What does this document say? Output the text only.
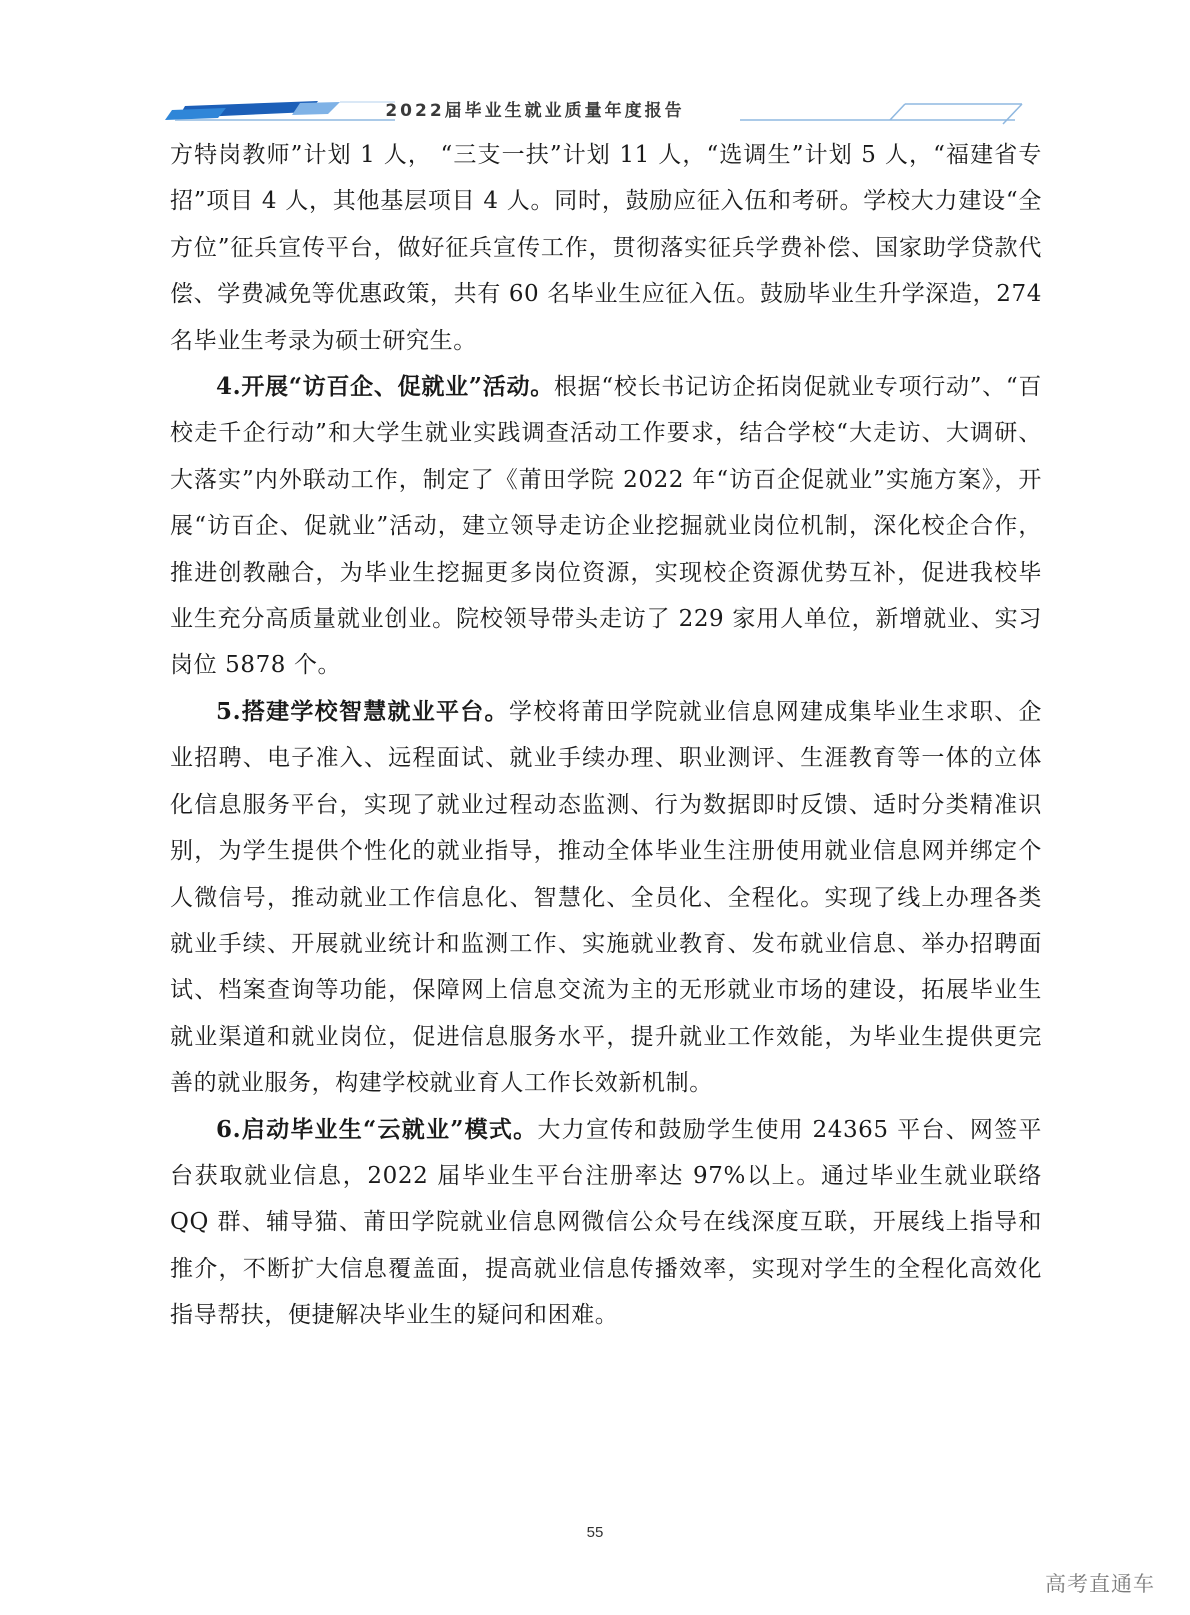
2022届毕业生就业质量年度报告

方特岗教师”计划 1 人， “三支一扶”计划 11 人，“选调生”计划 5 人，“福建省专招”项目 4 人，其他基层项目 4 人。同时，鼓励应征入伍和考研。学校大力建设“全方位”征兵宣传平台，做好征兵宣传工作，贯彻落实征兵学费补偿、国家助学贷款代偿、学费减免等优惠政策，共有 60 名毕业生应征入伍。鼓励毕业生升学深造，274 名毕业生考录为硕士研究生。

4.开展“访百企、促就业”活动。根据“校长书记访企拓岗促就业专项行动”、“百校走千企行动”和大学生就业实践调查活动工作要求，结合学校“大走访、大调研、大落实”内外联动工作，制定了《莆田学院 2022 年“访百企促就业”实施方案》，开展“访百企、促就业”活动，建立领导走访企业挖掘就业岗位机制，深化校企合作，推进创教融合，为毕业生挖掘更多岗位资源，实现校企资源优势互补，促进我校毕业生充分高质量就业创业。院校领导带头走访了 229 家用人单位，新增就业、实习岗位 5878 个。

5.搭建学校智慧就业平台。学校将莆田学院就业信息网建成集毕业生求职、企业招聘、电子准入、远程面试、就业手续办理、职业测评、生涯教育等一体的立体化信息服务平台，实现了就业过程动态监测、行为数据即时反馈、适时分类精准识别，为学生提供个性化的就业指导，推动全体毕业生注册使用就业信息网并绑定个人微信号，推动就业工作信息化、智慧化、全员化、全程化。实现了线上办理各类就业手续、开展就业统计和监测工作、实施就业教育、发布就业信息、举办招聘面试、档案查询等功能，保障网上信息交流为主的无形就业市场的建设，拓展毕业生就业渠道和就业岗位，促进信息服务水平，提升就业工作效能，为毕业生提供更完善的就业服务，构建学校就业育人工作长效新机制。

6.启动毕业生“云就业”模式。大力宣传和鼓励学生使用 24365 平台、网签平台获取就业信息，2022 届毕业生平台注册率达 97%以上。通过毕业生就业联络 QQ 群、辅导猫、莆田学院就业信息网微信公众号在线深度互联，开展线上指导和推介，不断扩大信息覆盖面，提高就业信息传播效率，实现对学生的全程化高效化指导帮扶，便捷解决毕业生的疑问和困难。

55
高考直通车
